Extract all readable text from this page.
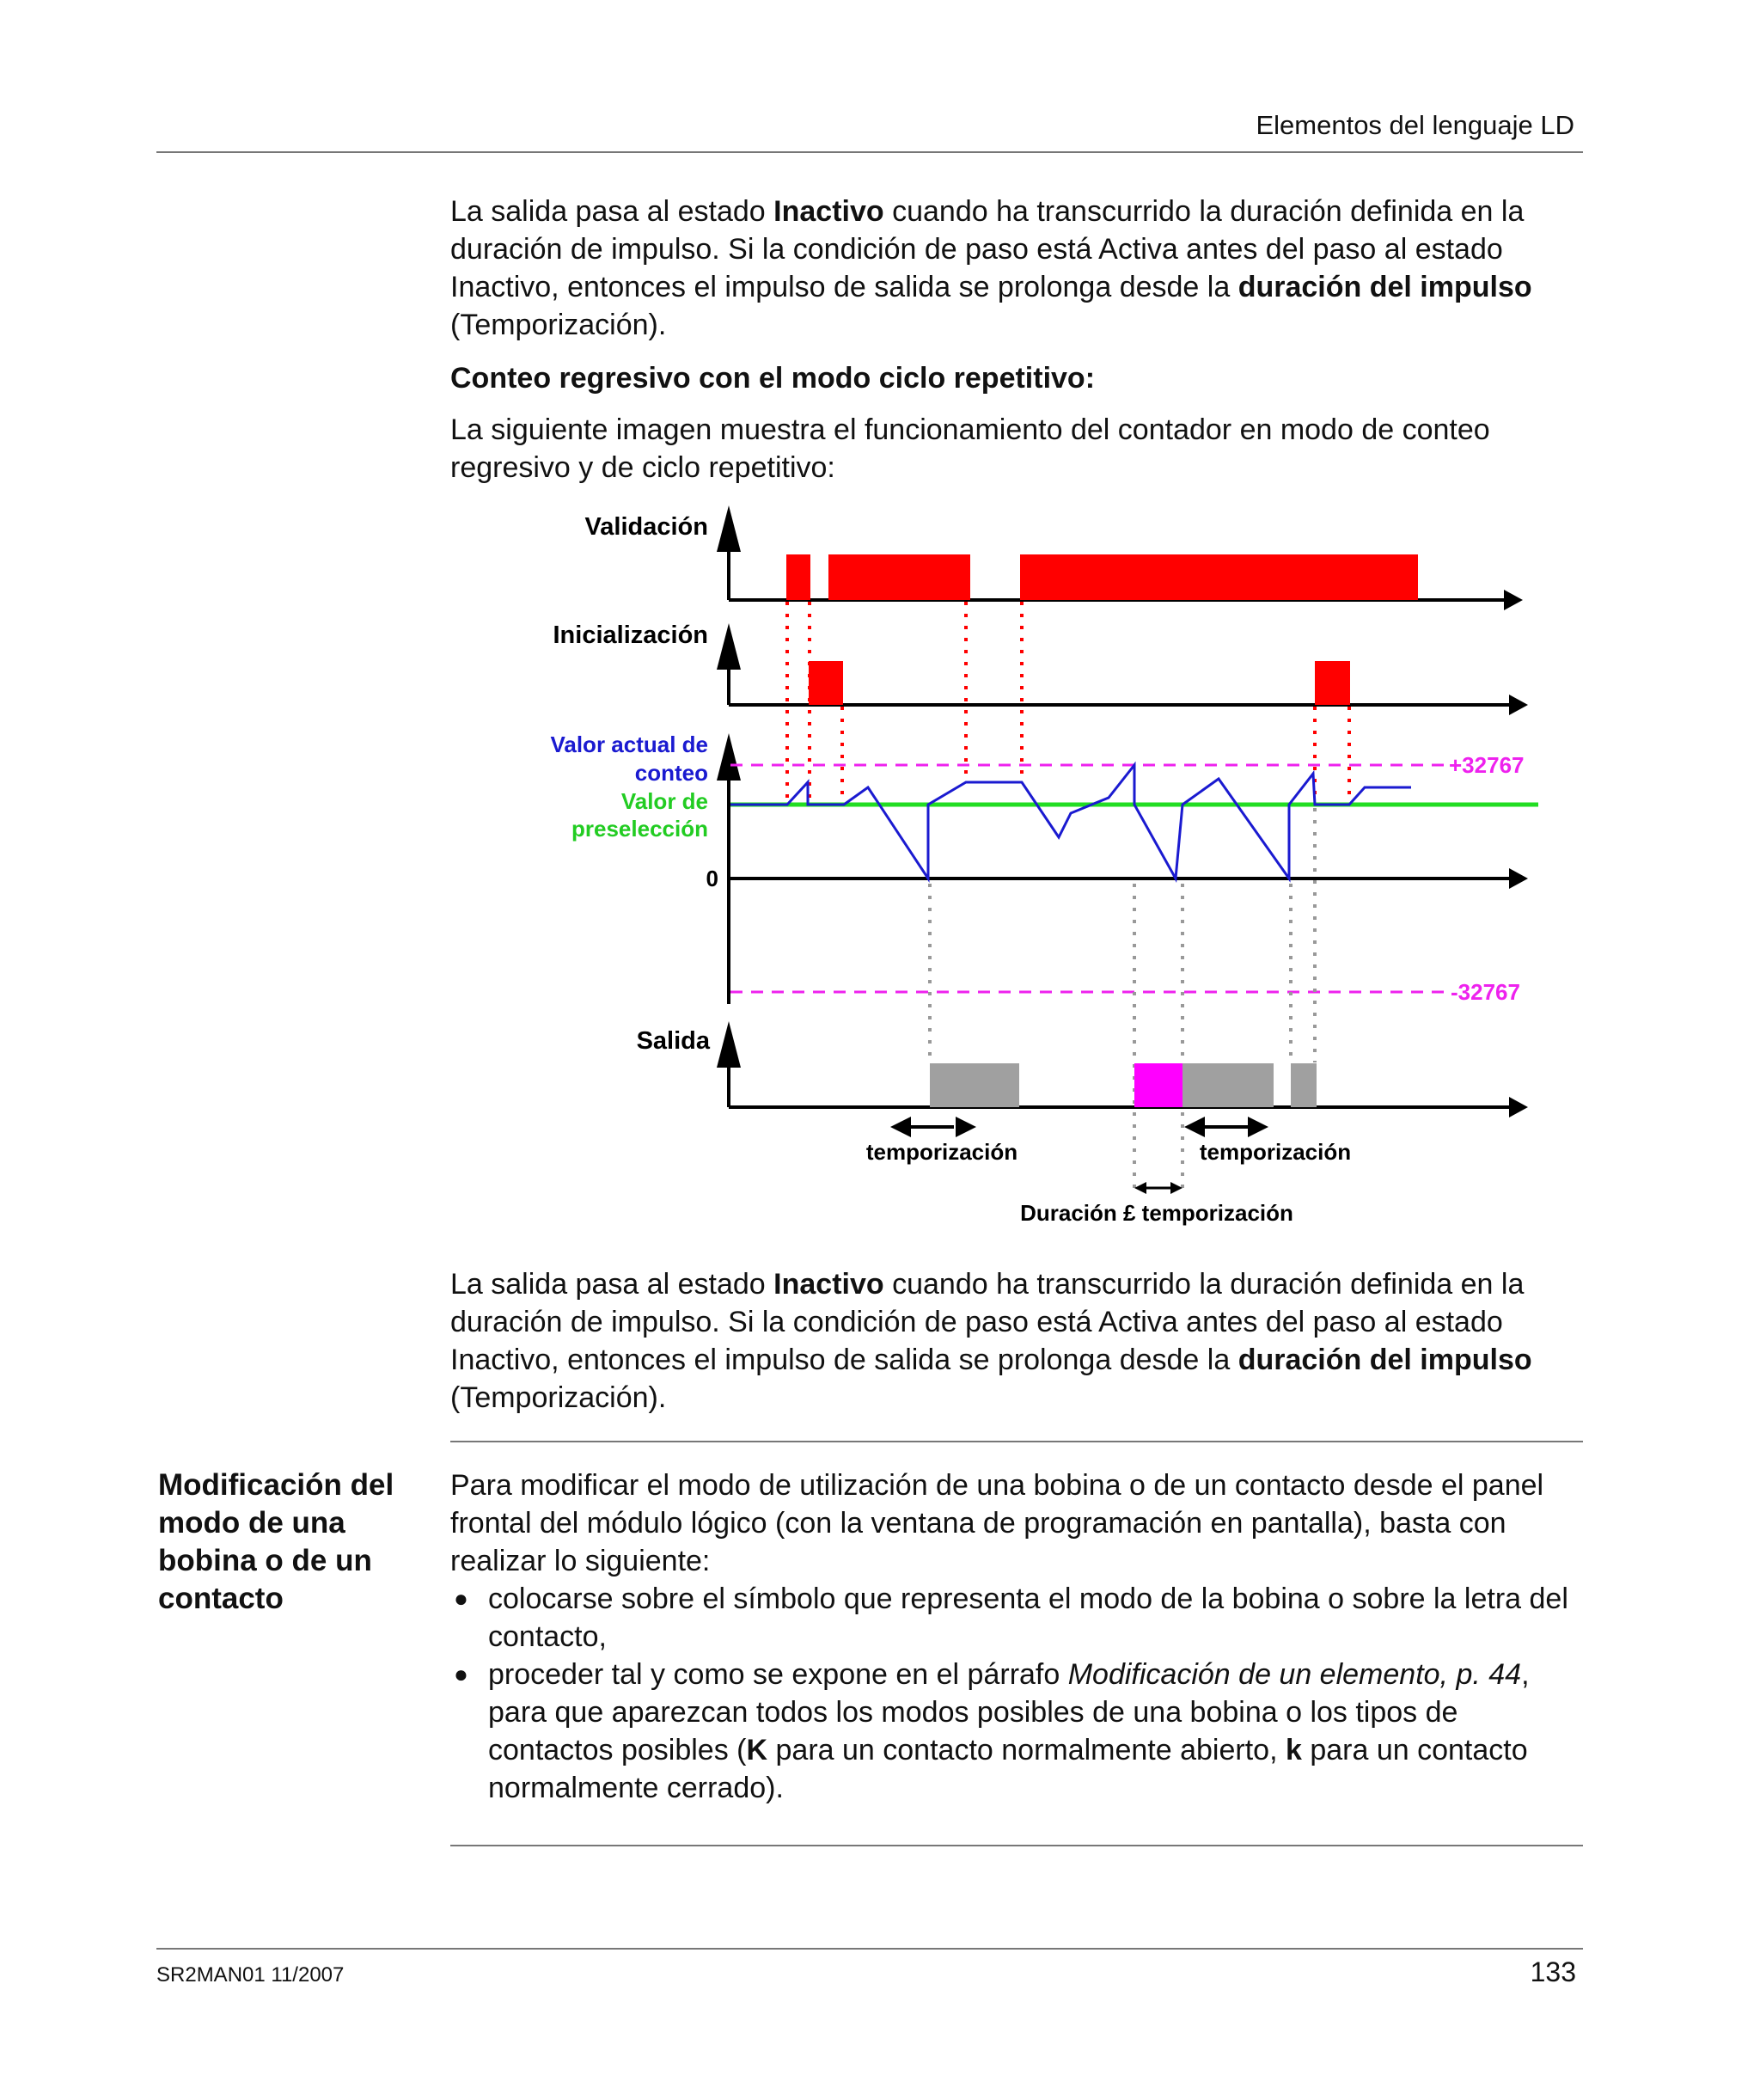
Elementos del lenguaje LD

La salida pasa al estado Inactivo cuando ha transcurrido la duración definida en la duración de impulso. Si la condición de paso está Activa antes del paso al estado Inactivo, entonces el impulso de salida se prolonga desde la duración del impulso (Temporización).

Conteo regresivo con el modo ciclo repetitivo:
La siguiente imagen muestra el funcionamiento del contador en modo de conteo regresivo y de ciclo repetitivo:
Validación
Inicialización
Valor actual de
conteo
Valor de
preselección
0
+32767
-32767
Salida
temporización	temporización
Duración £ temporización

La salida pasa al estado Inactivo cuando ha transcurrido la duración definida en la duración de impulso. Si la condición de paso está Activa antes del paso al estado Inactivo, entonces el impulso de salida se prolonga desde la duración del impulso (Temporización).

Modificación del modo de una bobina o de un contacto

Para modificar el modo de utilización de una bobina o de un contacto desde el panel frontal del módulo lógico (con la ventana de programación en pantalla), basta con realizar lo siguiente:

● colocarse sobre el símbolo que representa el modo de la bobina o sobre la letra del contacto,
● proceder tal y como se expone en el párrafo Modificación de un elemento, p. 44, para que aparezcan todos los modos posibles de una bobina o los tipos de contactos posibles (K para un contacto normalmente abierto, k para un contacto normalmente cerrado).
SR2MAN01 11/2007	133
